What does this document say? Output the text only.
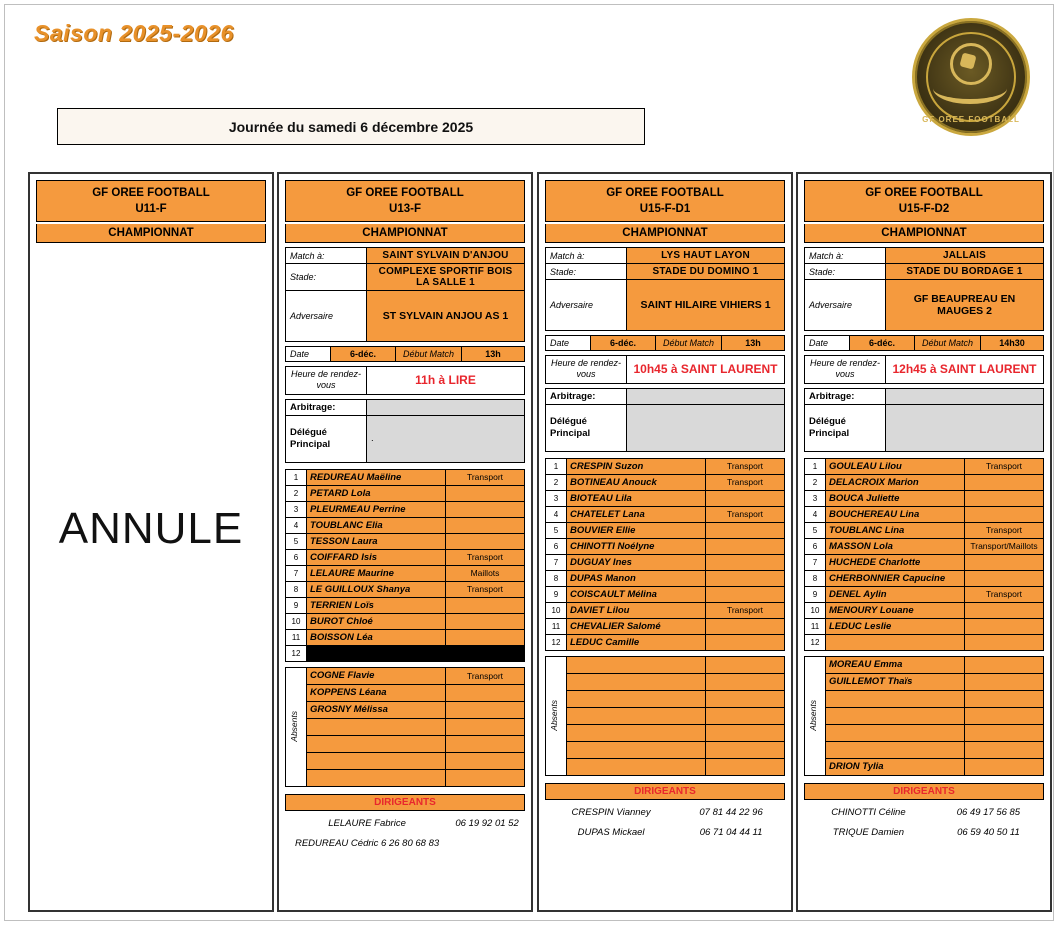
Saison 2025-2026
GF OREE FOOTBALL
Journée du samedi 6 décembre 2025
GF OREE FOOTBALL
U11-F
CHAMPIONNAT
ANNULE
GF OREE FOOTBALL
U13-F
CHAMPIONNAT
Match à:	SAINT SYLVAIN D'ANJOU
Stade:	COMPLEXE SPORTIF BOIS LA SALLE 1
Adversaire	ST SYLVAIN ANJOU AS 1
Date	6-déc.	Début Match	13h
Heure de rendez-vous	11h à LIRE
Arbitrage:	
Délégué Principal	.
1	REDUREAU Maëline	Transport
2	PETARD Lola	
3	PLEURMEAU Perrine	
4	TOUBLANC Elia	
5	TESSON Laura	
6	COIFFARD Isis	Transport
7	LELAURE Maurine	Maillots
8	LE GUILLOUX Shanya	Transport
9	TERRIEN Loïs	
10	BUROT Chloé	
11	BOISSON Léa	
12		
Absents	COGNE Flavie	Transport
	KOPPENS Léana	
	GROSNY Mélissa	

DIRIGEANTS
LELAURE Fabrice	06 19 92 01 52
REDUREAU Cédric 6 26 80 68 83	
GF OREE FOOTBALL
U15-F-D1
CHAMPIONNAT
Match à:	LYS HAUT LAYON
Stade:	STADE DU DOMINO 1
Adversaire	SAINT HILAIRE VIHIERS 1
Date	6-déc.	Début Match	13h
Heure de rendez-vous	10h45 à SAINT LAURENT
Arbitrage:	
Délégué Principal	
1	CRESPIN Suzon	Transport
2	BOTINEAU Anouck	Transport
3	BIOTEAU Lila	
4	CHATELET Lana	Transport
5	BOUVIER Ellie	
6	CHINOTTI Noélyne	
7	DUGUAY Ines	
8	DUPAS Manon	
9	COISCAULT Mélina	
10	DAVIET Lilou	Transport
11	CHEVALIER Salomé	
12	LEDUC Camille	
Absents		

DIRIGEANTS
CRESPIN Vianney	07 81 44 22 96
DUPAS Mickael	06 71 04 44 11
GF OREE FOOTBALL
U15-F-D2
CHAMPIONNAT
Match à:	JALLAIS
Stade:	STADE DU BORDAGE 1
Adversaire	GF BEAUPREAU EN MAUGES 2
Date	6-déc.	Début Match	14h30
Heure de rendez-vous	12h45 à SAINT LAURENT
Arbitrage:	
Délégué Principal	
1	GOULEAU Lilou	Transport
2	DELACROIX Marion	
3	BOUCA Juliette	
4	BOUCHEREAU Lina	
5	TOUBLANC Lina	Transport
6	MASSON Lola	Transport/Maillots
7	HUCHEDE Charlotte	
8	CHERBONNIER Capucine	
9	DENEL Aylin	Transport
10	MENOURY Louane	
11	LEDUC Leslie	
12		
Absents	MOREAU Emma	
	GUILLEMOT Thaïs	

	DRION Tylia	
DIRIGEANTS
CHINOTTI Céline	06 49 17 56 85
TRIQUE Damien	06 59 40 50 11
